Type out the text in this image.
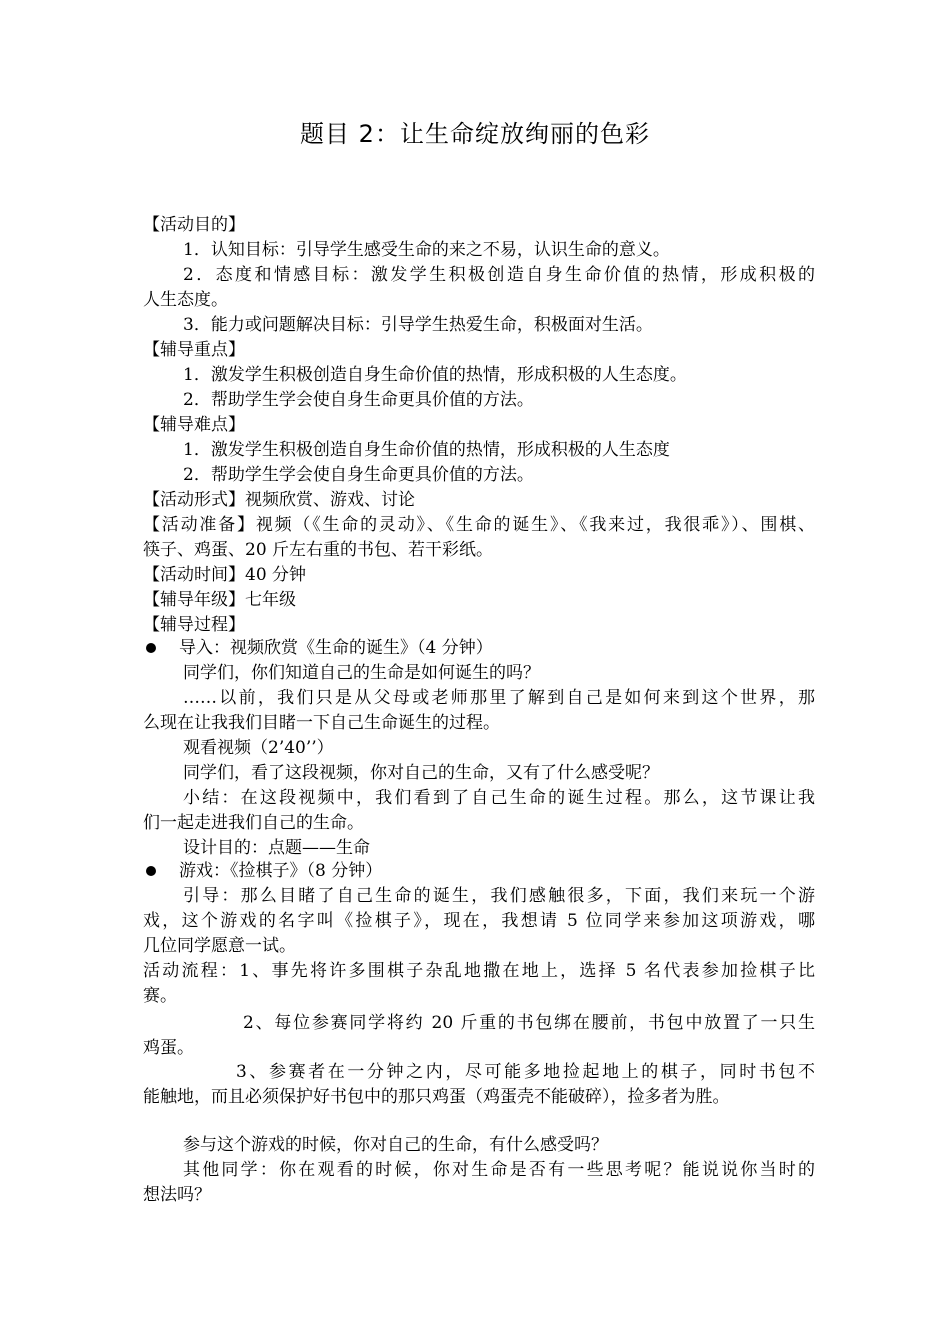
题目 2：让生命绽放绚丽的色彩
【活动目的】
1．认知目标：引导学生感受生命的来之不易，认识生命的意义。
2．态度和情感目标：激发学生积极创造自身生命价值的热情，形成积极的
人生态度。
3．能力或问题解决目标：引导学生热爱生命，积极面对生活。
【辅导重点】
1．激发学生积极创造自身生命价值的热情，形成积极的人生态度。
2．帮助学生学会使自身生命更具价值的方法。
【辅导难点】
1．激发学生积极创造自身生命价值的热情，形成积极的人生态度
2．帮助学生学会使自身生命更具价值的方法。
【活动形式】视频欣赏、游戏、讨论
【活动准备】视频（《生命的灵动》、《生命的诞生》、《我来过，我很乖》）、围棋、
筷子、鸡蛋、20 斤左右重的书包、若干彩纸。
【活动时间】40 分钟
【辅导年级】七年级
【辅导过程】
导入：视频欣赏《生命的诞生》（4 分钟）
同学们，你们知道自己的生命是如何诞生的吗？
……以前，我们只是从父母或老师那里了解到自己是如何来到这个世界，那
么现在让我我们目睹一下自己生命诞生的过程。
观看视频（2’40’’）
同学们，看了这段视频，你对自己的生命，又有了什么感受呢？
小结：在这段视频中，我们看到了自己生命的诞生过程。那么，这节课让我
们一起走进我们自己的生命。
设计目的：点题——生命
游戏：《捡棋子》（8 分钟）
引导：那么目睹了自己生命的诞生，我们感触很多，下面，我们来玩一个游
戏，这个游戏的名字叫《捡棋子》，现在，我想请 5 位同学来参加这项游戏，哪
几位同学愿意一试。
活动流程：1、事先将许多围棋子杂乱地撒在地上，选择 5 名代表参加捡棋子比
赛。
2、每位参赛同学将约 20 斤重的书包绑在腰前，书包中放置了一只生
鸡蛋。
3、参赛者在一分钟之内，尽可能多地捡起地上的棋子，同时书包不
能触地，而且必须保护好书包中的那只鸡蛋（鸡蛋壳不能破碎），捡多者为胜。
参与这个游戏的时候，你对自己的生命，有什么感受吗？
其他同学：你在观看的时候，你对生命是否有一些思考呢？能说说你当时的
想法吗？
